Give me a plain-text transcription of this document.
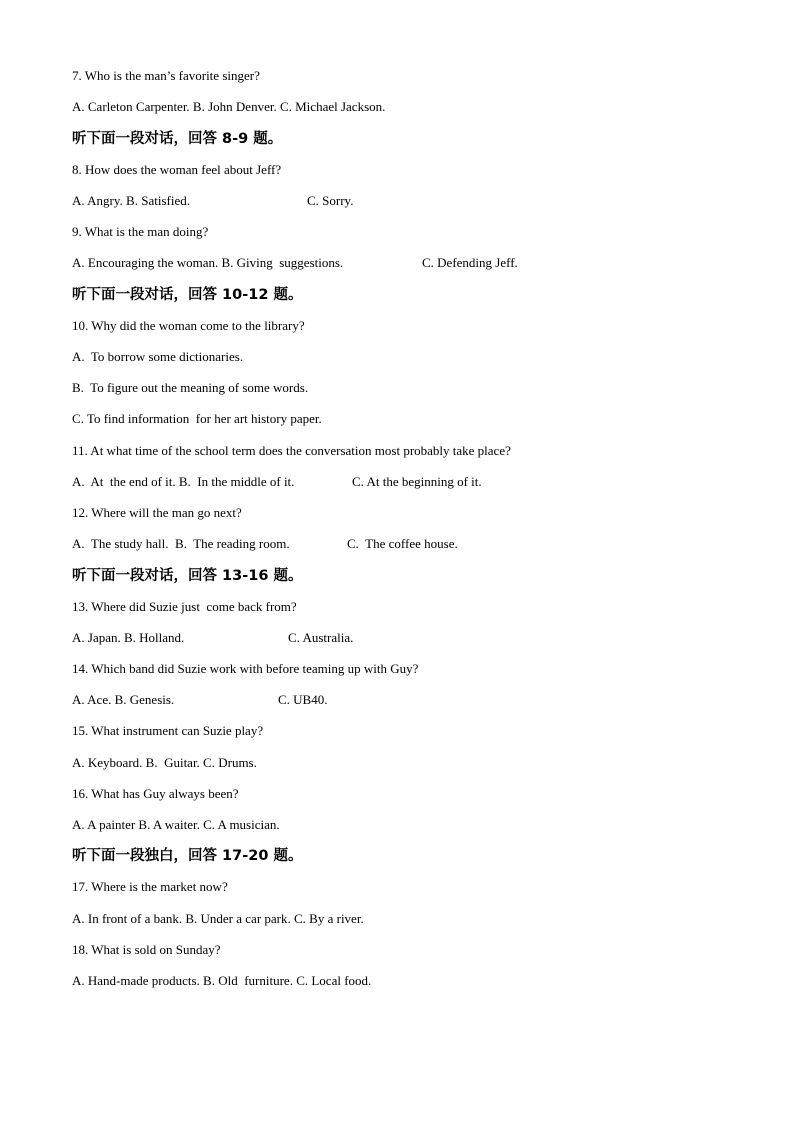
7. Who is the man’s favorite singer?
A. Carleton Carpenter. B. John Denver. C. Michael Jackson.
听下面一段对话，回答 8-9 题。
8. How does the woman feel about Jeff?
A. Angry. B. Satisfied.	C. Sorry.
9. What is the man doing?
A. Encouraging the woman. B. Giving  suggestions.	C. Defending Jeff.
听下面一段对话，回答 10-12 题。
10. Why did the woman come to the library?
A.  To borrow some dictionaries.
B.  To figure out the meaning of some words.
C. To find information  for her art history paper.
11. At what time of the school term does the conversation most probably take place?
A.  At  the end of it. B.  In the middle of it.	C. At the beginning of it.
12. Where will the man go next?
A.  The study hall.  B.  The reading room.	C.  The coffee house.
听下面一段对话，回答 13-16 题。
13. Where did Suzie just  come back from?
A. Japan. B. Holland.	C. Australia.
14. Which band did Suzie work with before teaming up with Guy?
A. Ace. B. Genesis.	C. UB40.
15. What instrument can Suzie play?
A. Keyboard. B.  Guitar. C. Drums.
16. What has Guy always been?
A. A painter B. A waiter. C. A musician.
听下面一段独白，回答 17-20 题。
17. Where is the market now?
A. In front of a bank. B. Under a car park. C. By a river.
18. What is sold on Sunday?
A. Hand-made products. B. Old  furniture. C. Local food.
